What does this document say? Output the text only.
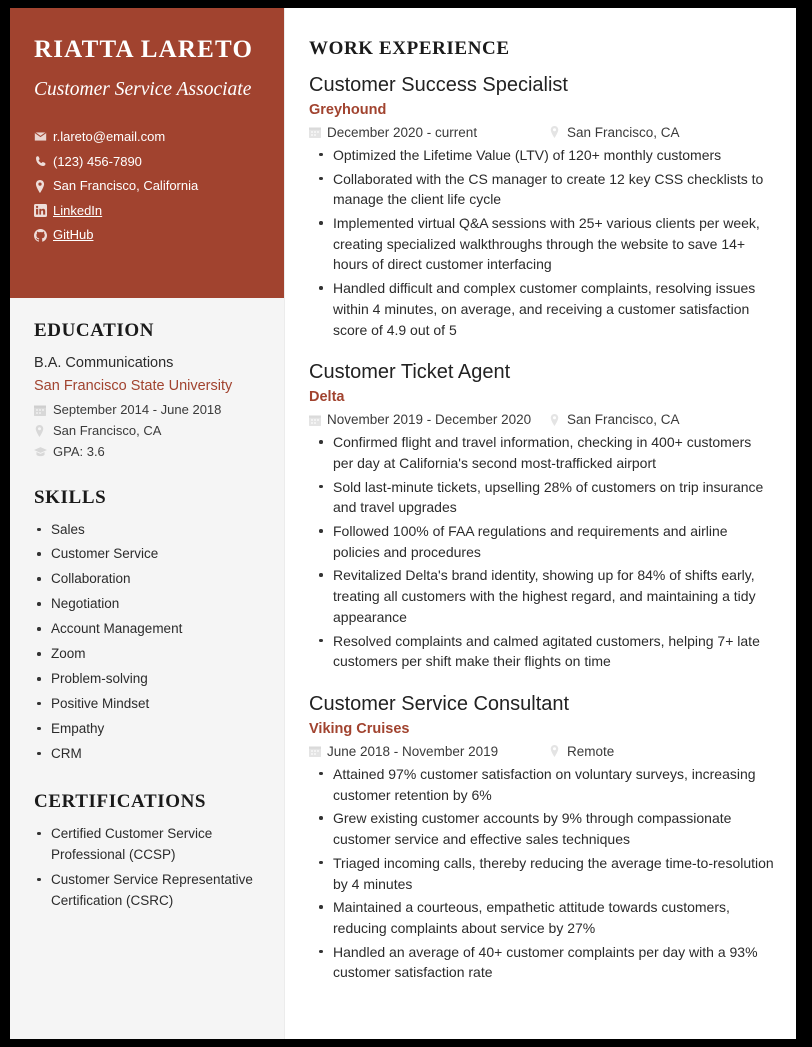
RIATTA LARETO
Customer Service Associate
r.lareto@email.com
(123) 456-7890
San Francisco, California
LinkedIn
GitHub
EDUCATION
B.A. Communications
San Francisco State University
September 2014 - June 2018
San Francisco, CA
GPA: 3.6
SKILLS
Sales
Customer Service
Collaboration
Negotiation
Account Management
Zoom
Problem-solving
Positive Mindset
Empathy
CRM
CERTIFICATIONS
Certified Customer Service Professional (CCSP)
Customer Service Representative Certification (CSRC)
WORK EXPERIENCE
Customer Success Specialist
Greyhound
December 2020 - current	San Francisco, CA
Optimized the Lifetime Value (LTV) of 120+ monthly customers
Collaborated with the CS manager to create 12 key CSS checklists to manage the client life cycle
Implemented virtual Q&A sessions with 25+ various clients per week, creating specialized walkthroughs through the website to save 14+ hours of direct customer interfacing
Handled difficult and complex customer complaints, resolving issues within 4 minutes, on average, and receiving a customer satisfaction score of 4.9 out of 5
Customer Ticket Agent
Delta
November 2019 - December 2020	San Francisco, CA
Confirmed flight and travel information, checking in 400+ customers per day at California's second most-trafficked airport
Sold last-minute tickets, upselling 28% of customers on trip insurance and travel upgrades
Followed 100% of FAA regulations and requirements and airline policies and procedures
Revitalized Delta's brand identity, showing up for 84% of shifts early, treating all customers with the highest regard, and maintaining a tidy appearance
Resolved complaints and calmed agitated customers, helping 7+ late customers per shift make their flights on time
Customer Service Consultant
Viking Cruises
June 2018 - November 2019	Remote
Attained 97% customer satisfaction on voluntary surveys, increasing customer retention by 6%
Grew existing customer accounts by 9% through compassionate customer service and effective sales techniques
Triaged incoming calls, thereby reducing the average time-to-resolution by 4 minutes
Maintained a courteous, empathetic attitude towards customers, reducing complaints about service by 27%
Handled an average of 40+ customer complaints per day with a 93% customer satisfaction rate
